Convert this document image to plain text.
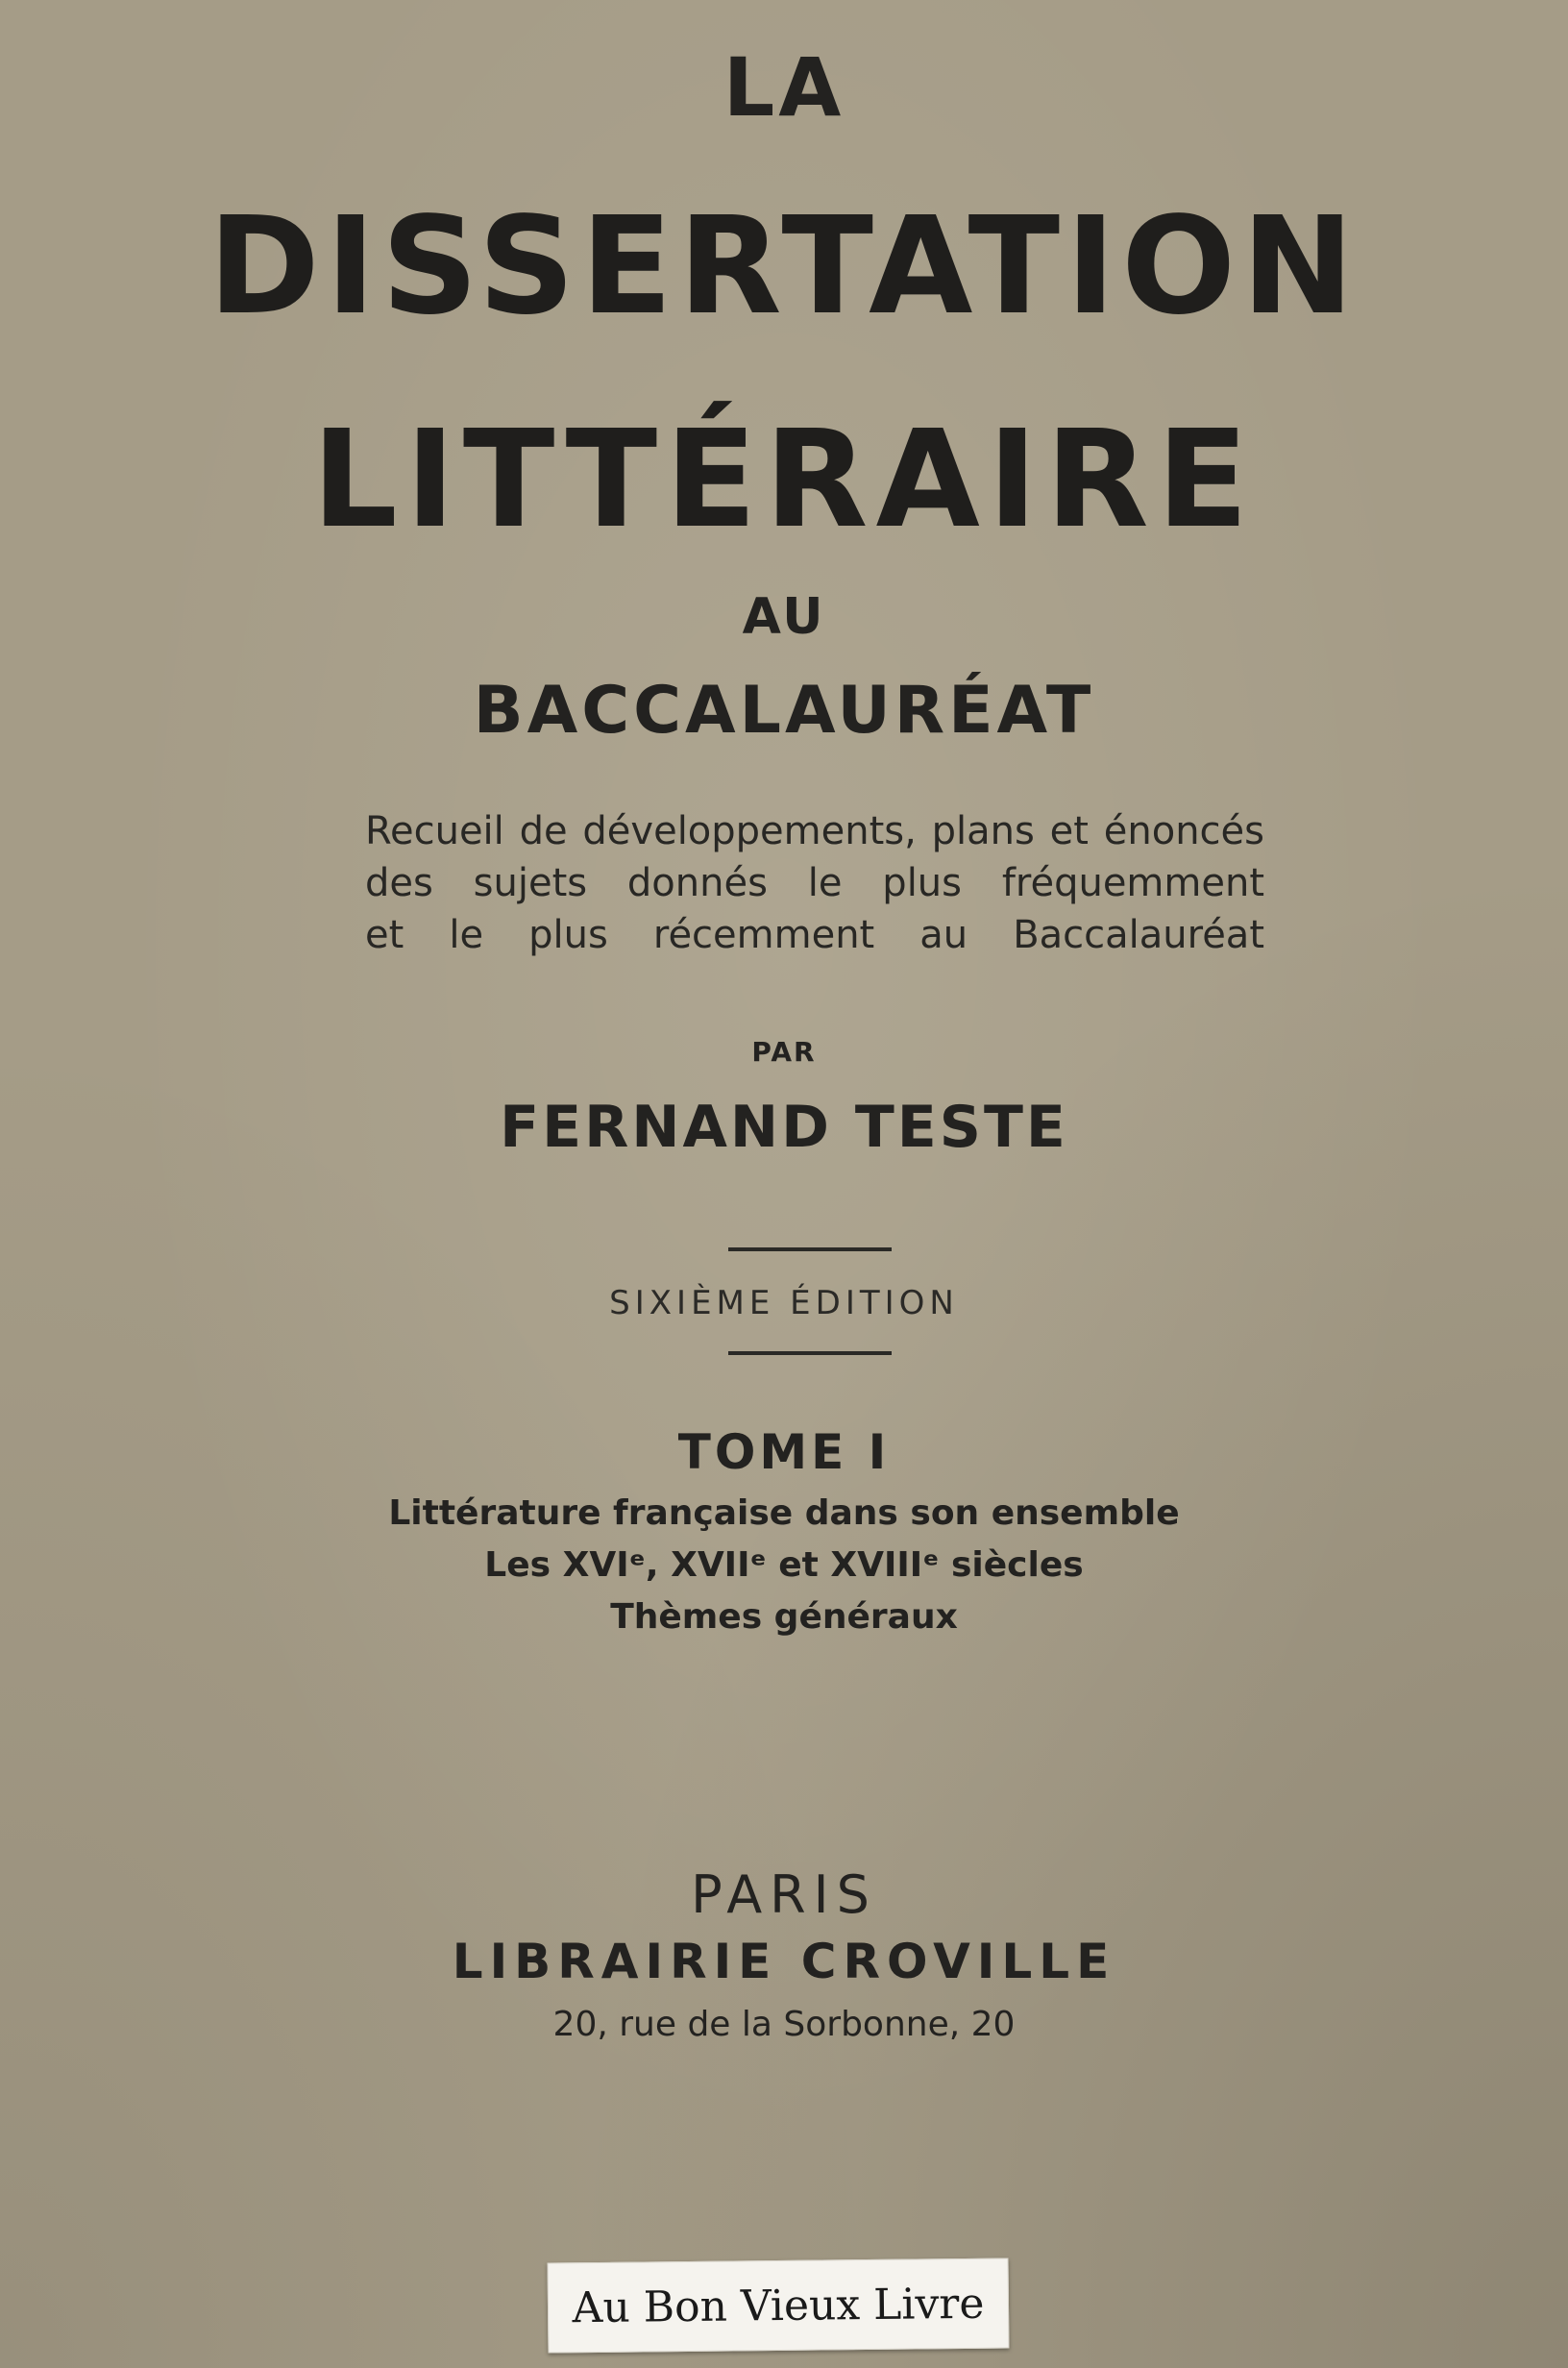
LA

DISSERTATION

LITTÉRAIRE

AU

BACCALAURÉAT

Recueil de développements, plans et énoncés
des sujets donnés le plus fréquemment
et le plus récemment au Baccalauréat

PAR

FERNAND TESTE

SIXIÈME ÉDITION

TOME I

Littérature française dans son ensemble

Les XVIᵉ, XVIIᵉ et XVIIIᵉ siècles

Thèmes généraux

PARIS

LIBRAIRIE CROVILLE

20, rue de la Sorbonne, 20

Au Bon Vieux Livre
